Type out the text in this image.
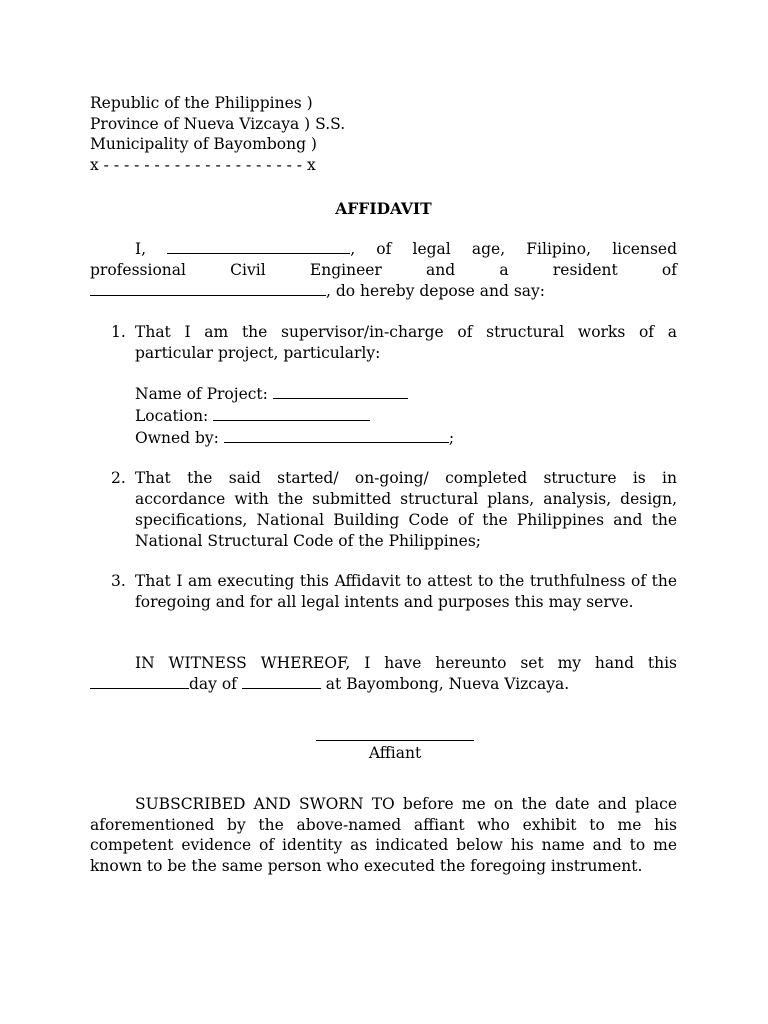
Republic of the Philippines )
Province of Nueva Vizcaya ) S.S.
Municipality of Bayombong )
x - - - - - - - - - - - - - - - - - - - - x
AFFIDAVIT
I,	, of legal age, Filipino, licensed professional Civil Engineer and a resident of , do hereby depose and say:
1. That I am the supervisor/in-charge of structural works of a particular project, particularly:
Name of Project:
Location:
Owned by:	;
2. That the said started/ on-going/ completed structure is in accordance with the submitted structural plans, analysis, design, specifications, National Building Code of the Philippines and the National Structural Code of the Philippines;
3. That I am executing this Affidavit to attest to the truthfulness of the foregoing and for all legal intents and purposes this may serve.
IN WITNESS WHEREOF, I have hereunto set my hand this day of	at Bayombong, Nueva Vizcaya.
Affiant
SUBSCRIBED AND SWORN TO before me on the date and place aforementioned by the above-named affiant who exhibit to me his competent evidence of identity as indicated below his name and to me known to be the same person who executed the foregoing instrument.
